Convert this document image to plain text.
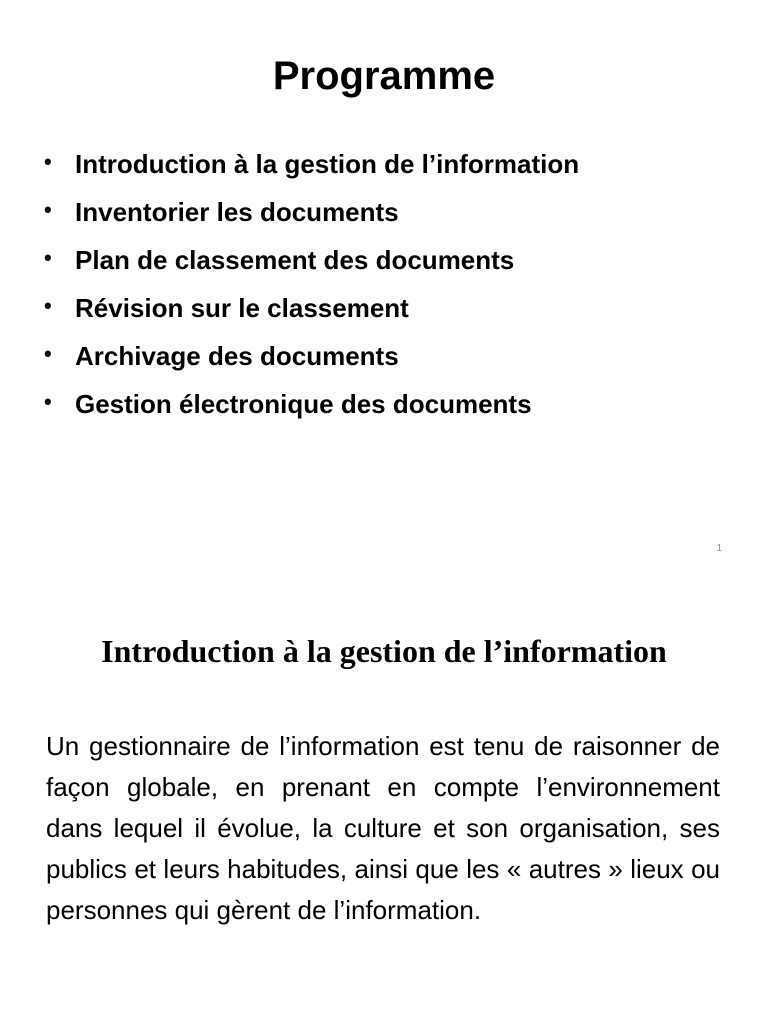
Programme
• Introduction à la gestion de l’information
• Inventorier les documents
• Plan de classement des documents
• Révision sur le classement
• Archivage des documents
• Gestion électronique des documents
1
Introduction à la gestion de l’information

Un gestionnaire de l’information est tenu de raisonner de façon globale, en prenant en compte l’environnement dans lequel il évolue, la culture et son organisation, ses publics et leurs habitudes, ainsi que les « autres » lieux ou personnes qui gèrent de l’information.
